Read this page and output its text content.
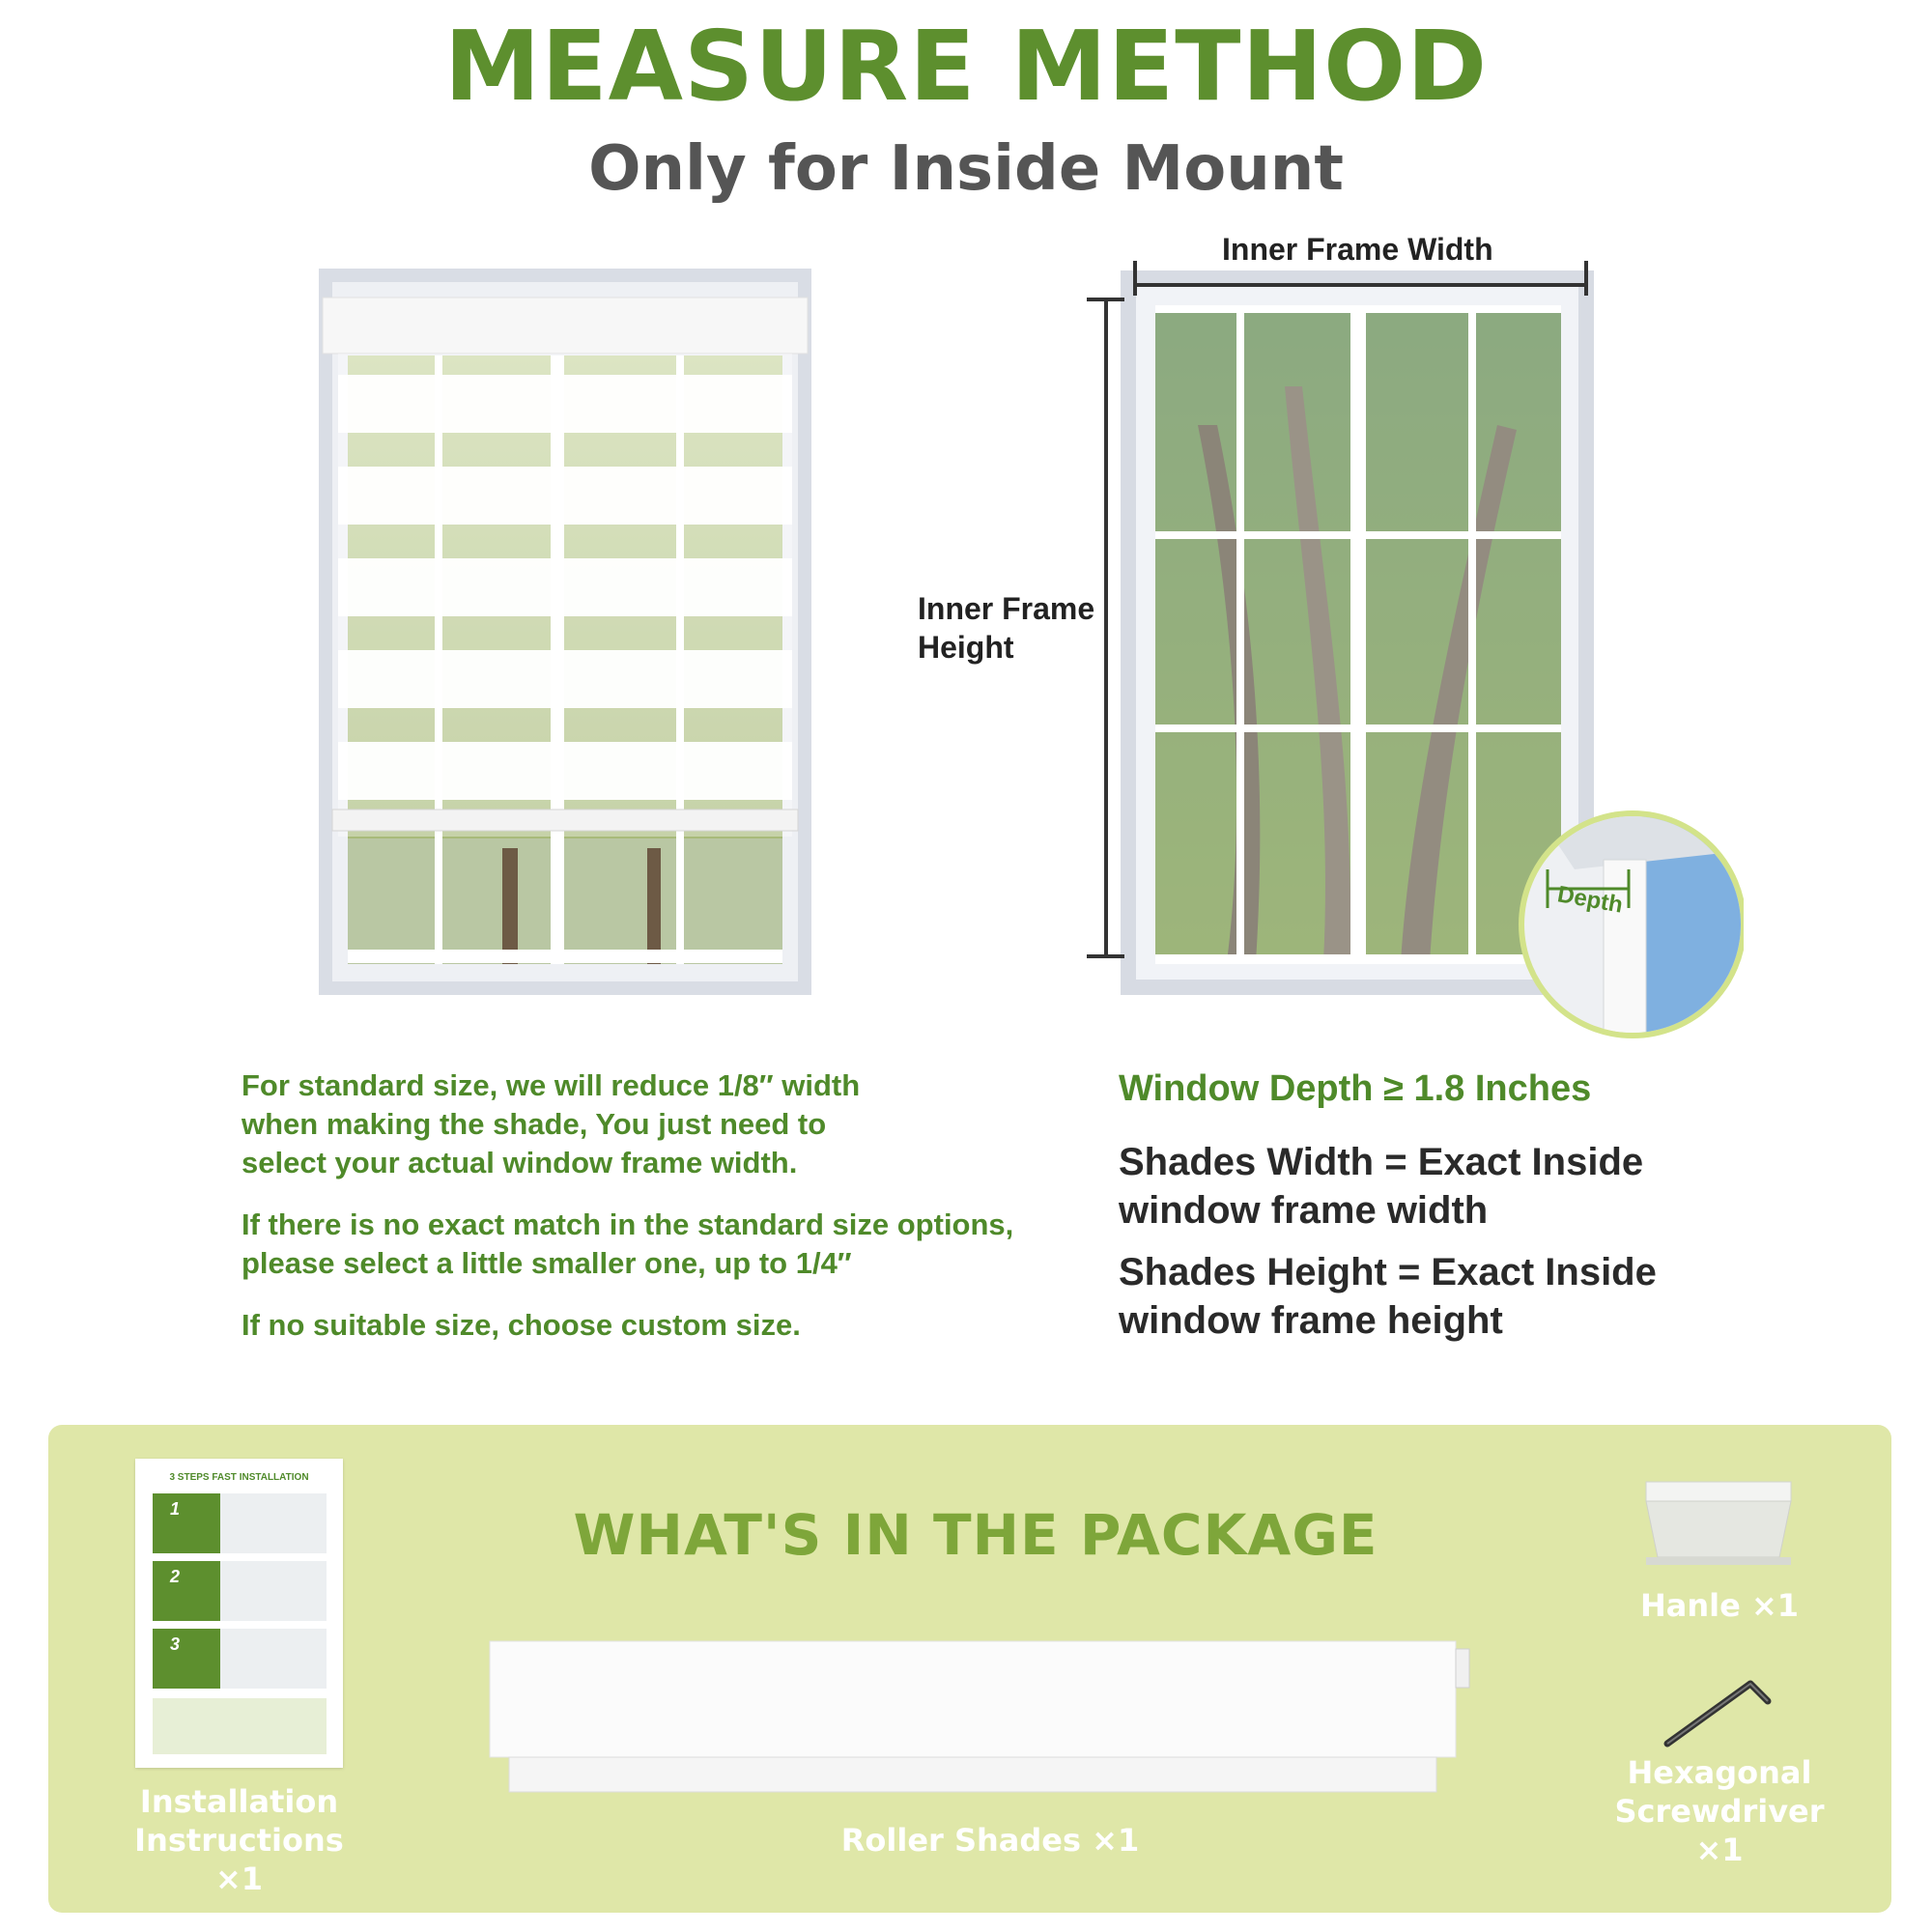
MEASURE METHOD
Only for Inside Mount
Inner Frame Width
Inner Frame
Height
Depth
For standard size, we will reduce 1/8″ width
when making the shade, You just need to
select your actual window frame width.
If there is no exact match in the standard size options,
please select a little smaller one, up to 1/4″
If no suitable size, choose custom size.
Window Depth ≥ 1.8 Inches
Shades Width = Exact Inside
window frame width
Shades Height = Exact Inside
window frame height
WHAT'S IN THE PACKAGE
3 STEPS FAST INSTALLATION
1
2
3
Installation
Instructions
×1
Roller Shades ×1
Hanle ×1
Hexagonal
Screwdriver
×1
